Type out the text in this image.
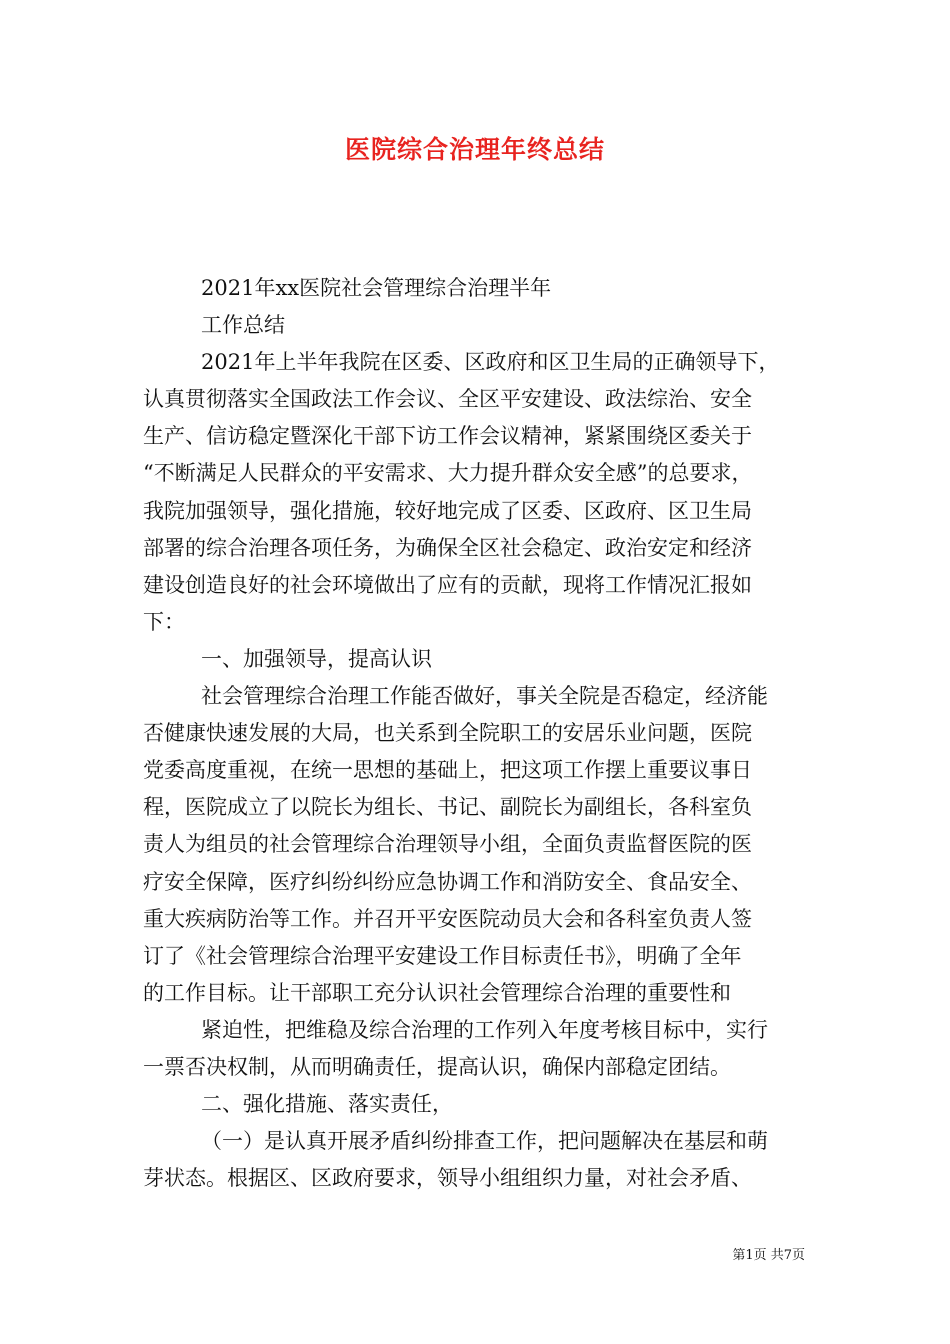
医院综合治理年终总结
2021年xx医院社会管理综合治理半年
工作总结
2021年上半年我院在区委、区政府和区卫生局的正确领导下，
认真贯彻落实全国政法工作会议、全区平安建设、政法综治、安全
生产、信访稳定暨深化干部下访工作会议精神，紧紧围绕区委关于
“不断满足人民群众的平安需求、大力提升群众安全感”的总要求，
我院加强领导，强化措施，较好地完成了区委、区政府、区卫生局
部署的综合治理各项任务，为确保全区社会稳定、政治安定和经济
建设创造良好的社会环境做出了应有的贡献，现将工作情况汇报如
下：
一、加强领导，提高认识
社会管理综合治理工作能否做好，事关全院是否稳定，经济能
否健康快速发展的大局，也关系到全院职工的安居乐业问题，医院
党委高度重视，在统一思想的基础上，把这项工作摆上重要议事日
程，医院成立了以院长为组长、书记、副院长为副组长，各科室负
责人为组员的社会管理综合治理领导小组，全面负责监督医院的医
疗安全保障，医疗纠纷纠纷应急协调工作和消防安全、食品安全、
重大疾病防治等工作。并召开平安医院动员大会和各科室负责人签
订了《社会管理综合治理平安建设工作目标责任书》，明确了全年
的工作目标。让干部职工充分认识社会管理综合治理的重要性和
紧迫性，把维稳及综合治理的工作列入年度考核目标中，实行
一票否决权制，从而明确责任，提高认识，确保内部稳定团结。
二、强化措施、落实责任，
（一）是认真开展矛盾纠纷排查工作，把问题解决在基层和萌
芽状态。根据区、区政府要求，领导小组组织力量，对社会矛盾、
第1页 共7页
